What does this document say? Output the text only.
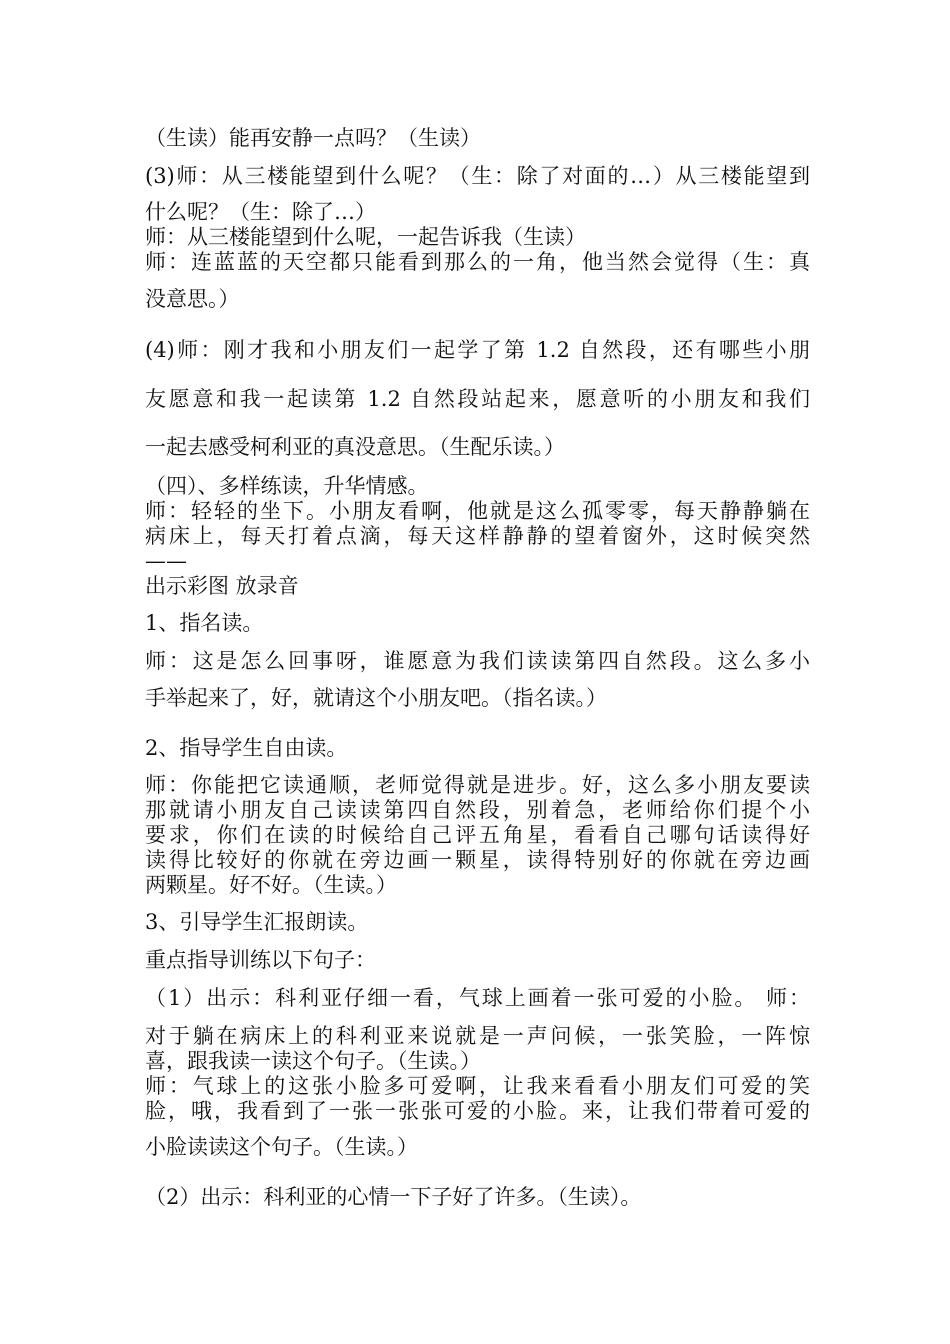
（生读）能再安静一点吗？（生读）
(3)师：从三楼能望到什么呢？（生：除了对面的…）从三楼能望到
什么呢？（生：除了…）
师：从三楼能望到什么呢，一起告诉我（生读）
师：连蓝蓝的天空都只能看到那么的一角，他当然会觉得（生：真
没意思。）
(4)师：刚才我和小朋友们一起学了第 1.2 自然段，还有哪些小朋
友愿意和我一起读第 1.2 自然段站起来，愿意听的小朋友和我们
一起去感受柯利亚的真没意思。（生配乐读。）
（四）、多样练读，升华情感。
师：轻轻的坐下。小朋友看啊，他就是这么孤零零，每天静静躺在
病床上，每天打着点滴，每天这样静静的望着窗外，这时候突然
——
出示彩图 放录音
1、指名读。
师：这是怎么回事呀，谁愿意为我们读读第四自然段。这么多小
手举起来了，好，就请这个小朋友吧。（指名读。）
2、指导学生自由读。
师：你能把它读通顺，老师觉得就是进步。好，这么多小朋友要读
那就请小朋友自己读读第四自然段，别着急，老师给你们提个小
要求，你们在读的时候给自己评五角星，看看自己哪句话读得好
读得比较好的你就在旁边画一颗星，读得特别好的你就在旁边画
两颗星。好不好。（生读。）
3、引导学生汇报朗读。
重点指导训练以下句子：
（1）出示：科利亚仔细一看，气球上画着一张可爱的小脸。 师：
对于躺在病床上的科利亚来说就是一声问候，一张笑脸，一阵惊
喜，跟我读一读这个句子。（生读。）
师：气球上的这张小脸多可爱啊，让我来看看小朋友们可爱的笑
脸，哦，我看到了一张一张张可爱的小脸。来，让我们带着可爱的
小脸读读这个句子。（生读。）
（2）出示：科利亚的心情一下子好了许多。（生读）。
